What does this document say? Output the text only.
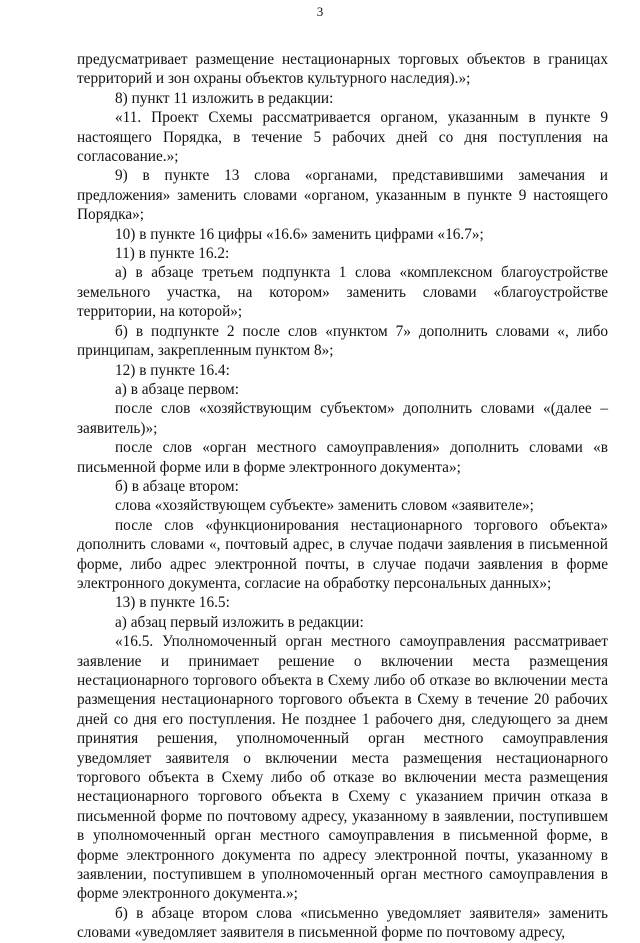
3

предусматривает размещение нестационарных торговых объектов в границах территорий и зон охраны объектов культурного наследия).»;

8) пункт 11 изложить в редакции:

«11. Проект Схемы рассматривается органом, указанным в пункте 9 настоящего Порядка, в течение 5 рабочих дней со дня поступления на согласование.»;

9) в пункте 13 слова «органами, представившими замечания и предложения» заменить словами «органом, указанным в пункте 9 настоящего Порядка»;

10) в пункте 16 цифры «16.6» заменить цифрами «16.7»;

11) в пункте 16.2:

а) в абзаце третьем подпункта 1 слова «комплексном благоустройстве земельного участка, на котором» заменить словами «благоустройстве территории, на которой»;

б) в подпункте 2 после слов «пунктом 7» дополнить словами «, либо принципам, закрепленным пунктом 8»;

12) в пункте 16.4:

а) в абзаце первом:

после слов «хозяйствующим субъектом» дополнить словами «(далее – заявитель)»;

после слов «орган местного самоуправления» дополнить словами «в письменной форме или в форме электронного документа»;

б) в абзаце втором:

слова «хозяйствующем субъекте» заменить словом «заявителе»;

после слов «функционирования нестационарного торгового объекта» дополнить словами «, почтовый адрес, в случае подачи заявления в письменной форме, либо адрес электронной почты, в случае подачи заявления в форме электронного документа, согласие на обработку персональных данных»;

13) в пункте 16.5:

а) абзац первый изложить в редакции:

«16.5. Уполномоченный орган местного самоуправления рассматривает заявление и принимает решение о включении места размещения нестационарного торгового объекта в Схему либо об отказе во включении места размещения нестационарного торгового объекта в Схему в течение 20 рабочих дней со дня его поступления. Не позднее 1 рабочего дня, следующего за днем принятия решения, уполномоченный орган местного самоуправления уведомляет заявителя о включении места размещения нестационарного торгового объекта в Схему либо об отказе во включении места размещения нестационарного торгового объекта в Схему с указанием причин отказа в письменной форме по почтовому адресу, указанному в заявлении, поступившем в уполномоченный орган местного самоуправления в письменной форме, в форме электронного документа по адресу электронной почты, указанному в заявлении, поступившем в уполномоченный орган местного самоуправления в форме электронного документа.»;

б) в абзаце втором слова «письменно уведомляет заявителя» заменить словами «уведомляет заявителя в письменной форме по почтовому адресу,
